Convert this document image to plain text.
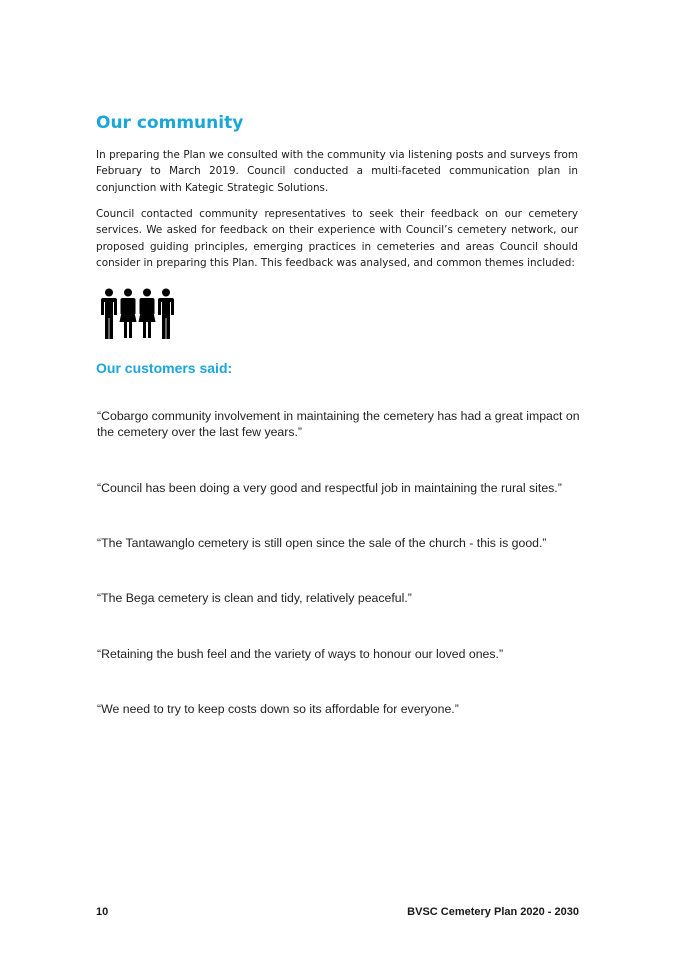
Our community

In preparing the Plan we consulted with the community via listening posts and surveys from February to March 2019. Council conducted a multi-faceted communication plan in conjunction with Kategic Strategic Solutions.

Council contacted community representatives to seek their feedback on our cemetery services. We asked for feedback on their experience with Council’s cemetery network, our proposed guiding principles, emerging practices in cemeteries and areas Council should consider in preparing this Plan. This feedback was analysed, and common themes included:

Our customers said:

“Cobargo community involvement in maintaining the cemetery has had a great impact on the cemetery over the last few years.”

“Council has been doing a very good and respectful job in maintaining the rural sites.”

“The Tantawanglo cemetery is still open since the sale of the church - this is good.”

“The Bega cemetery is clean and tidy, relatively peaceful.”

“Retaining the bush feel and the variety of ways to honour our loved ones.”

“We need to try to keep costs down so its affordable for everyone.”

10	BVSC Cemetery Plan 2020 - 2030
